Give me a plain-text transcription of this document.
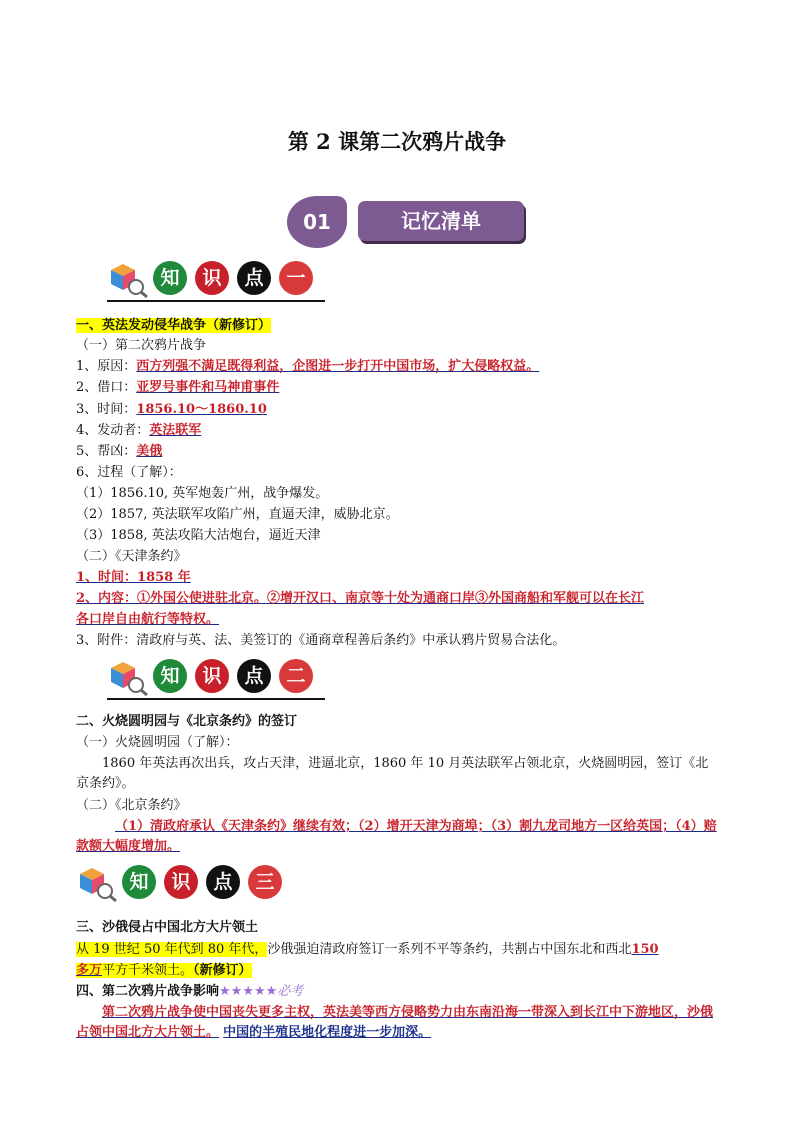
第 2 课第二次鸦片战争
01	记忆清单
知	识	点	一
一、英法发动侵华战争（新修订）
（一）第二次鸦片战争
1、原因：西方列强不满足既得利益，企图进一步打开中国市场，扩大侵略权益。
2、借口：亚罗号事件和马神甫事件
3、时间：1856.10～1860.10
4、发动者：英法联军
5、帮凶：美俄
6、过程（了解）：
（1）1856.10, 英军炮轰广州，战争爆发。
（2）1857, 英法联军攻陷广州，直逼天津，威胁北京。
（3）1858, 英法攻陷大沽炮台，逼近天津
（二）《天津条约》
1、时间：1858 年
2、内容：①外国公使进驻北京。②增开汉口、南京等十处为通商口岸③外国商船和军舰可以在长江
各口岸自由航行等特权。
3、附件：清政府与英、法、美签订的《通商章程善后条约》中承认鸦片贸易合法化。
知	识	点	二
二、火烧圆明园与《北京条约》的签订
（一）火烧圆明园（了解）：
1860 年英法再次出兵，攻占天津，进逼北京，1860 年 10 月英法联军占领北京，火烧圆明园，签订《北京条约》。
（二）《北京条约》
（1）清政府承认《天津条约》继续有效；（2）增开天津为商埠；（3）割九龙司地方一区给英国；（4）赔款额大幅度增加。
知	识	点	三
三、沙俄侵占中国北方大片领土
从 19 世纪 50 年代到 80 年代，沙俄强迫清政府签订一系列不平等条约，共割占中国东北和西北150
多万平方千米领土。（新修订）
四、第二次鸦片战争影响★★★★★必考
第二次鸦片战争使中国丧失更多主权，英法美等西方侵略势力由东南沿海一带深入到长江中下游地区，沙俄占领中国北方大片领土。 中国的半殖民地化程度进一步加深。
